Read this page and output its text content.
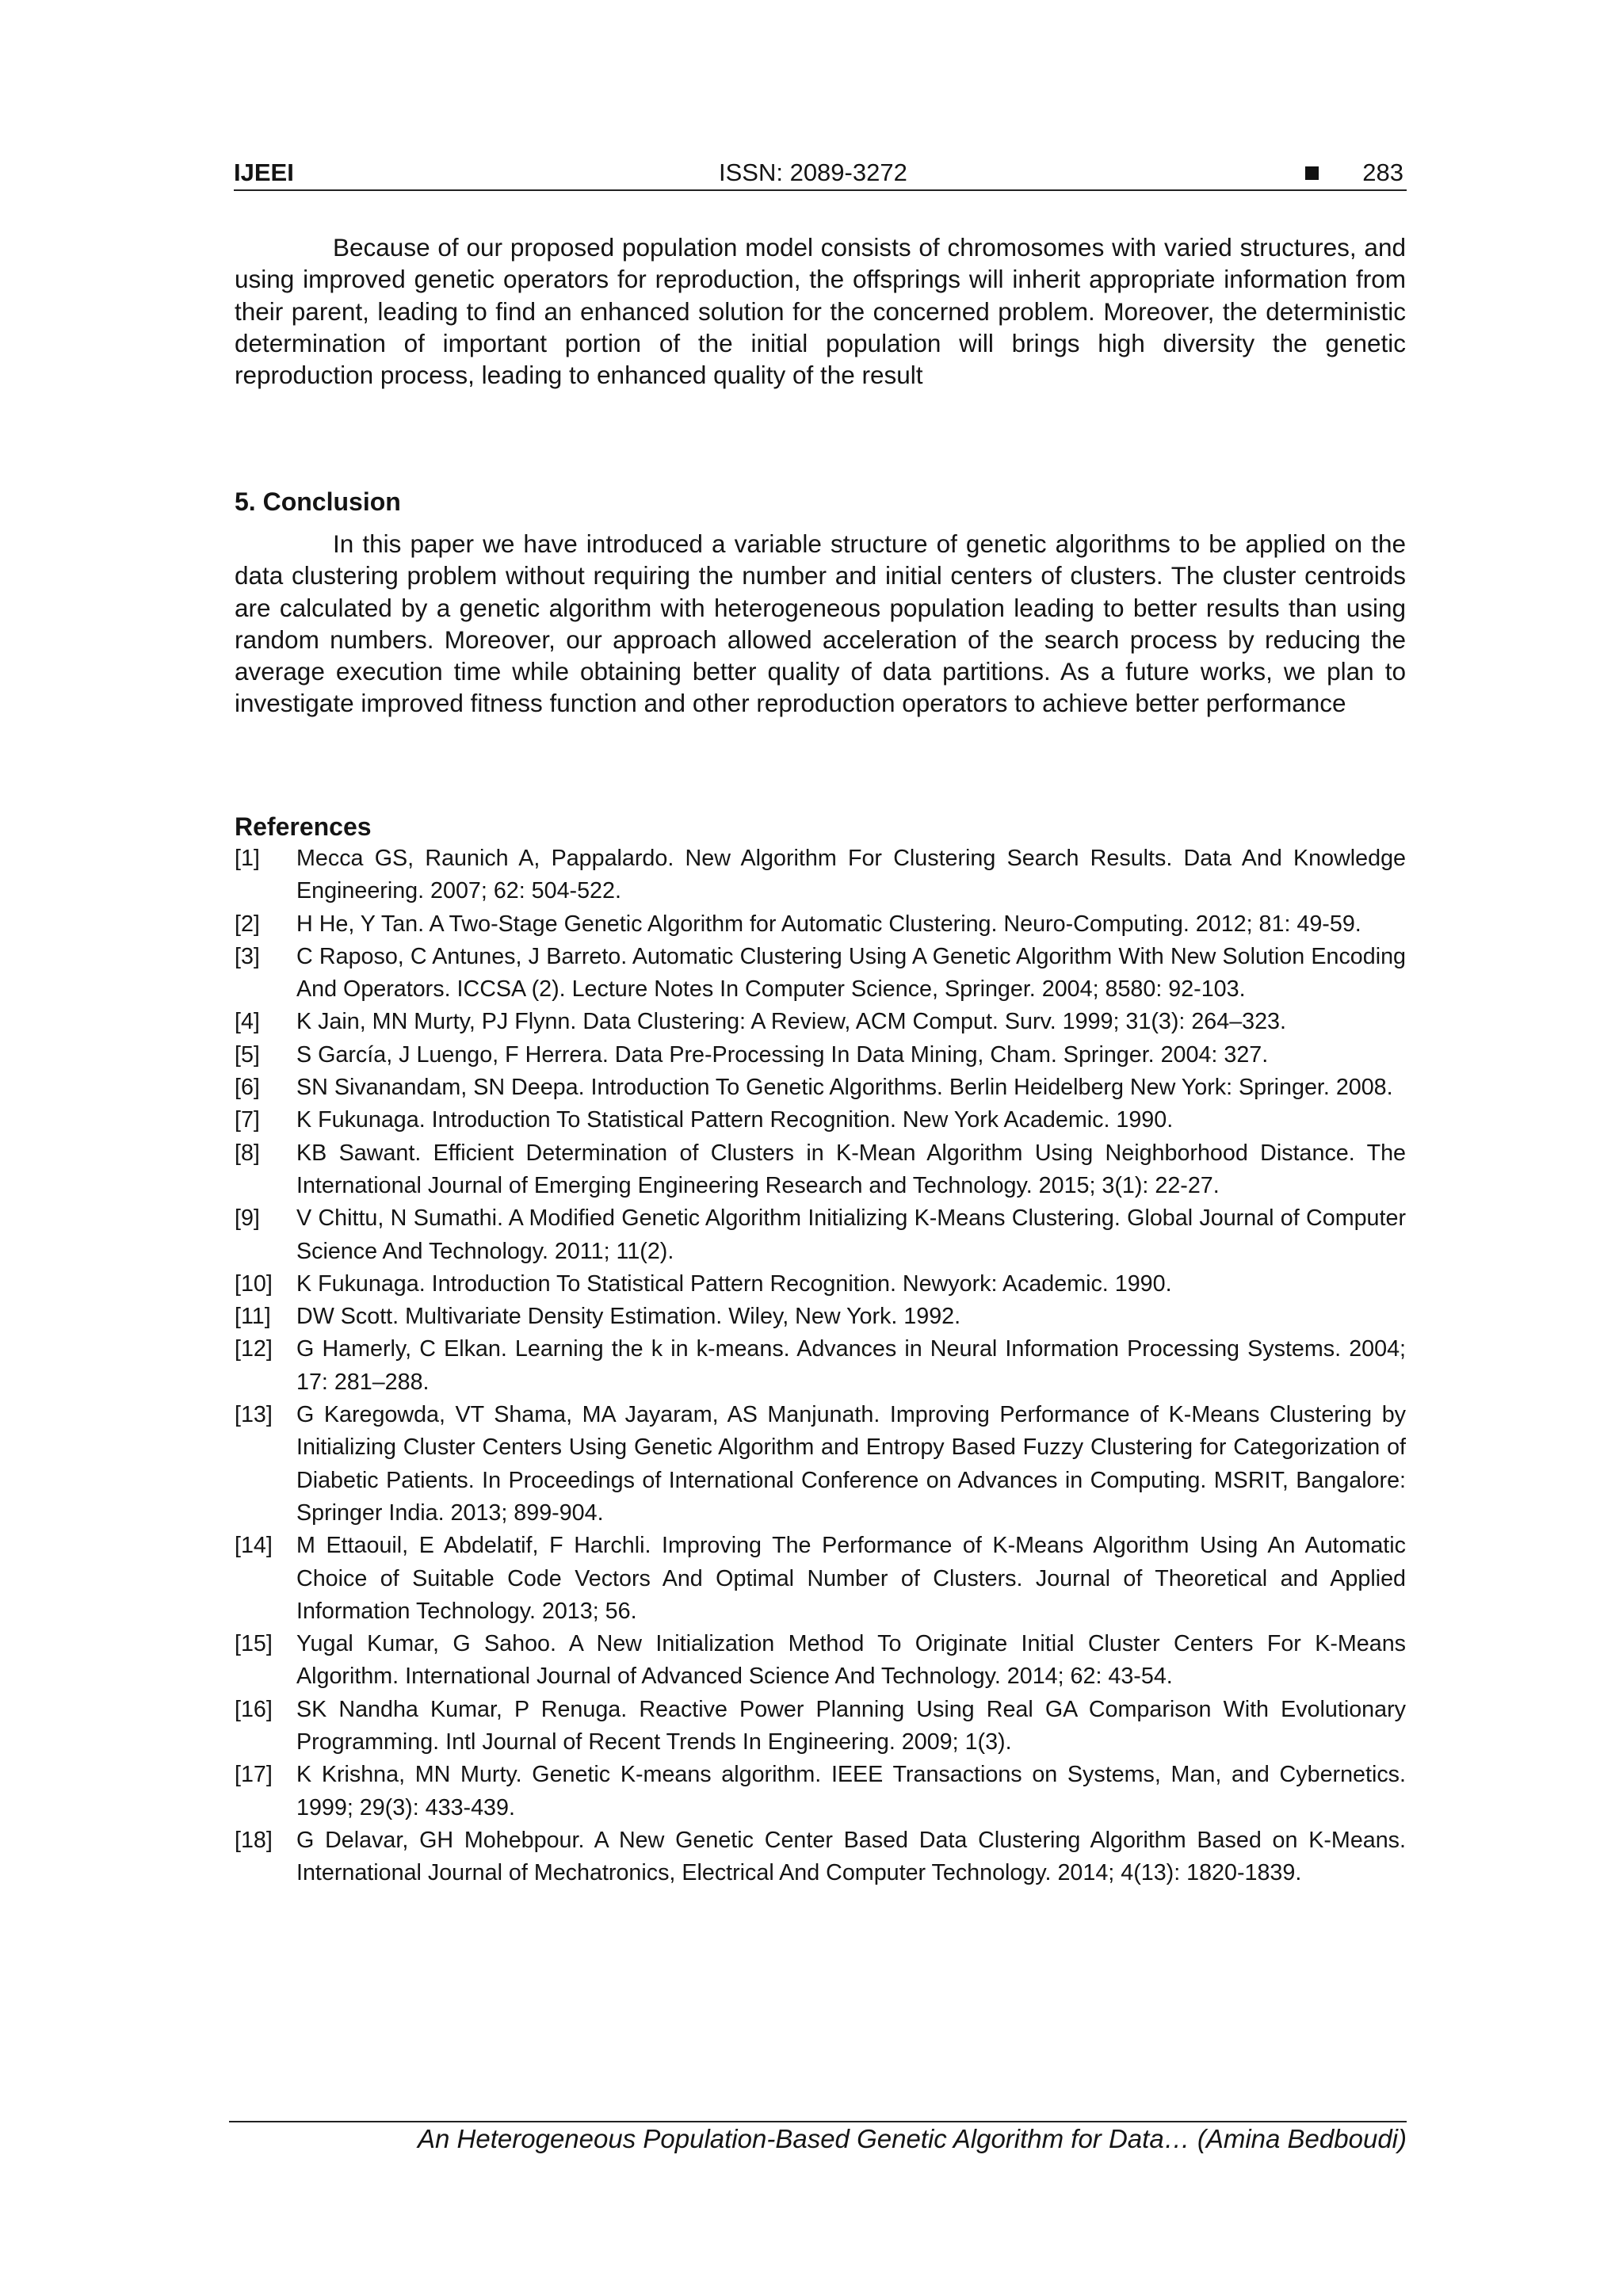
IJEEI	ISSN: 2089-3272	283

Because of our proposed population model consists of chromosomes with varied structures, and using improved genetic operators for reproduction, the offsprings will inherit appropriate information from their parent, leading to find an enhanced solution for the concerned problem. Moreover, the deterministic determination of important portion of the initial population will brings high diversity the genetic reproduction process, leading to enhanced quality of the result

5. Conclusion

In this paper we have introduced a variable structure of genetic algorithms to be applied on the data clustering problem without requiring the number and initial centers of clusters. The cluster centroids are calculated by a genetic algorithm with heterogeneous population leading to better results than using random numbers. Moreover, our approach allowed acceleration of the search process by reducing the average execution time while obtaining better quality of data partitions. As a future works, we plan to investigate improved fitness function and other reproduction operators to achieve better performance

References
[1] Mecca GS, Raunich A, Pappalardo. New Algorithm For Clustering Search Results. Data And Knowledge Engineering. 2007; 62: 504-522.
[2] H He, Y Tan. A Two-Stage Genetic Algorithm for Automatic Clustering. Neuro-Computing. 2012; 81: 49-59.
[3] C Raposo, C Antunes, J Barreto. Automatic Clustering Using A Genetic Algorithm With New Solution Encoding And Operators. ICCSA (2). Lecture Notes In Computer Science, Springer. 2004; 8580: 92-103.
[4] K Jain, MN Murty, PJ Flynn. Data Clustering: A Review, ACM Comput. Surv. 1999; 31(3): 264–323.
[5] S García, J Luengo, F Herrera. Data Pre-Processing In Data Mining, Cham. Springer. 2004: 327.
[6] SN Sivanandam, SN Deepa. Introduction To Genetic Algorithms. Berlin Heidelberg New York: Springer. 2008.
[7] K Fukunaga. Introduction To Statistical Pattern Recognition. New York Academic. 1990.
[8] KB Sawant. Efficient Determination of Clusters in K-Mean Algorithm Using Neighborhood Distance. The International Journal of Emerging Engineering Research and Technology. 2015; 3(1): 22-27.
[9] V Chittu, N Sumathi. A Modified Genetic Algorithm Initializing K-Means Clustering. Global Journal of Computer Science And Technology. 2011; 11(2).
[10] K Fukunaga. Introduction To Statistical Pattern Recognition. Newyork: Academic. 1990.
[11] DW Scott. Multivariate Density Estimation. Wiley, New York. 1992.
[12] G Hamerly, C Elkan. Learning the k in k-means. Advances in Neural Information Processing Systems. 2004; 17: 281–288.
[13] G Karegowda, VT Shama, MA Jayaram, AS Manjunath. Improving Performance of K-Means Clustering by Initializing Cluster Centers Using Genetic Algorithm and Entropy Based Fuzzy Clustering for Categorization of Diabetic Patients. In Proceedings of International Conference on Advances in Computing. MSRIT, Bangalore: Springer India. 2013; 899-904.
[14] M Ettaouil, E Abdelatif, F Harchli. Improving The Performance of K-Means Algorithm Using An Automatic Choice of Suitable Code Vectors And Optimal Number of Clusters. Journal of Theoretical and Applied Information Technology. 2013; 56.
[15] Yugal Kumar, G Sahoo. A New Initialization Method To Originate Initial Cluster Centers For K-Means Algorithm. International Journal of Advanced Science And Technology. 2014; 62: 43-54.
[16] SK Nandha Kumar, P Renuga. Reactive Power Planning Using Real GA Comparison With Evolutionary Programming. Intl Journal of Recent Trends In Engineering. 2009; 1(3).
[17] K Krishna, MN Murty. Genetic K-means algorithm. IEEE Transactions on Systems, Man, and Cybernetics. 1999; 29(3): 433-439.
[18] G Delavar, GH Mohebpour. A New Genetic Center Based Data Clustering Algorithm Based on K-Means. International Journal of Mechatronics, Electrical And Computer Technology. 2014; 4(13): 1820-1839.
An Heterogeneous Population-Based Genetic Algorithm for Data… (Amina Bedboudi)
